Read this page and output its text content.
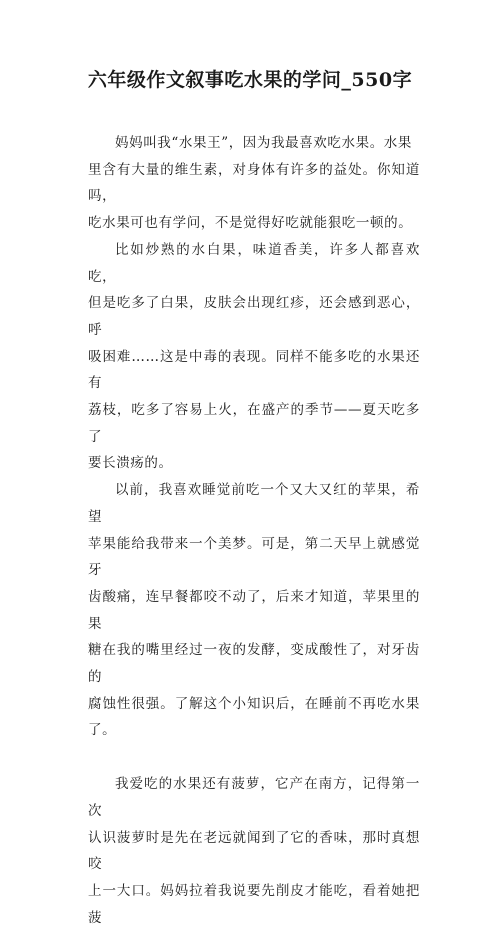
六年级作文叙事吃水果的学问_550字

妈妈叫我“水果王”，因为我最喜欢吃水果。水果
里含有大量的维生素，对身体有许多的益处。你知道吗，
吃水果可也有学问，不是觉得好吃就能狠吃一顿的。

比如炒熟的水白果，味道香美，许多人都喜欢吃，
但是吃多了白果，皮肤会出现红疹，还会感到恶心，呼
吸困难……这是中毒的表现。同样不能多吃的水果还有
荔枝，吃多了容易上火，在盛产的季节——夏天吃多了
要长溃疡的。

以前，我喜欢睡觉前吃一个又大又红的苹果，希望
苹果能给我带来一个美梦。可是，第二天早上就感觉牙
齿酸痛，连早餐都咬不动了，后来才知道，苹果里的果
糖在我的嘴里经过一夜的发酵，变成酸性了，对牙齿的
腐蚀性很强。了解这个小知识后，在睡前不再吃水果了。

我爱吃的水果还有菠萝，它产在南方，记得第一次
认识菠萝时是先在老远就闻到了它的香味，那时真想咬
上一大口。妈妈拉着我说要先削皮才能吃，看着她把菠
